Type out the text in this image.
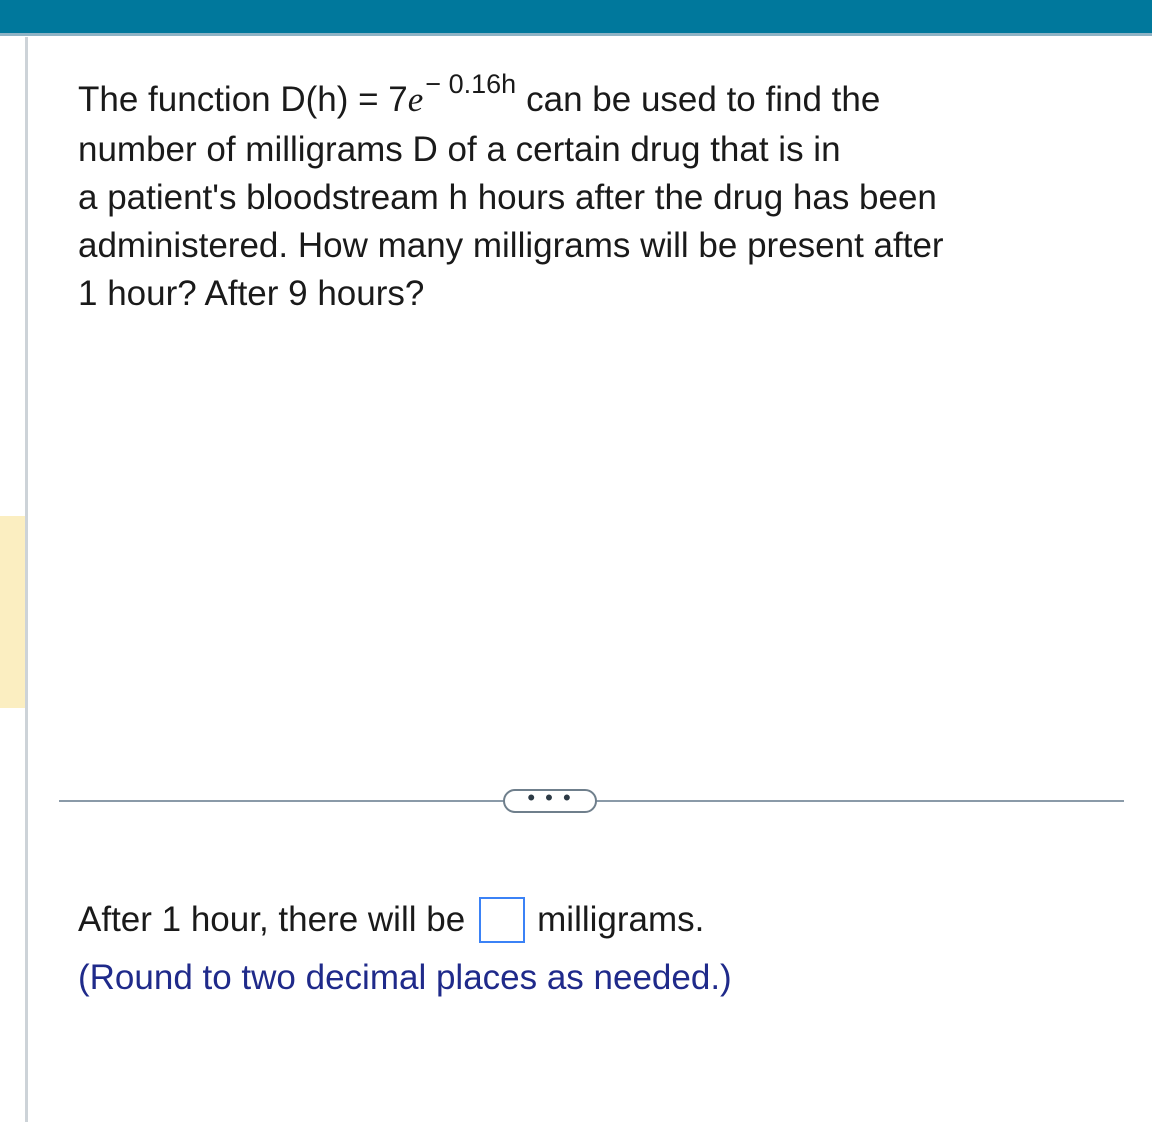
The function $D(h) = 7e^{- 0.16h}$ can be used to find the
number of milligrams D of a certain drug that is in
a patient's bloodstream h hours after the drug has been
administered. How many milligrams will be present after
1 hour? After 9 hours?
• • •
After 1 hour, there will be milligrams.
(Round to two decimal places as needed.)
